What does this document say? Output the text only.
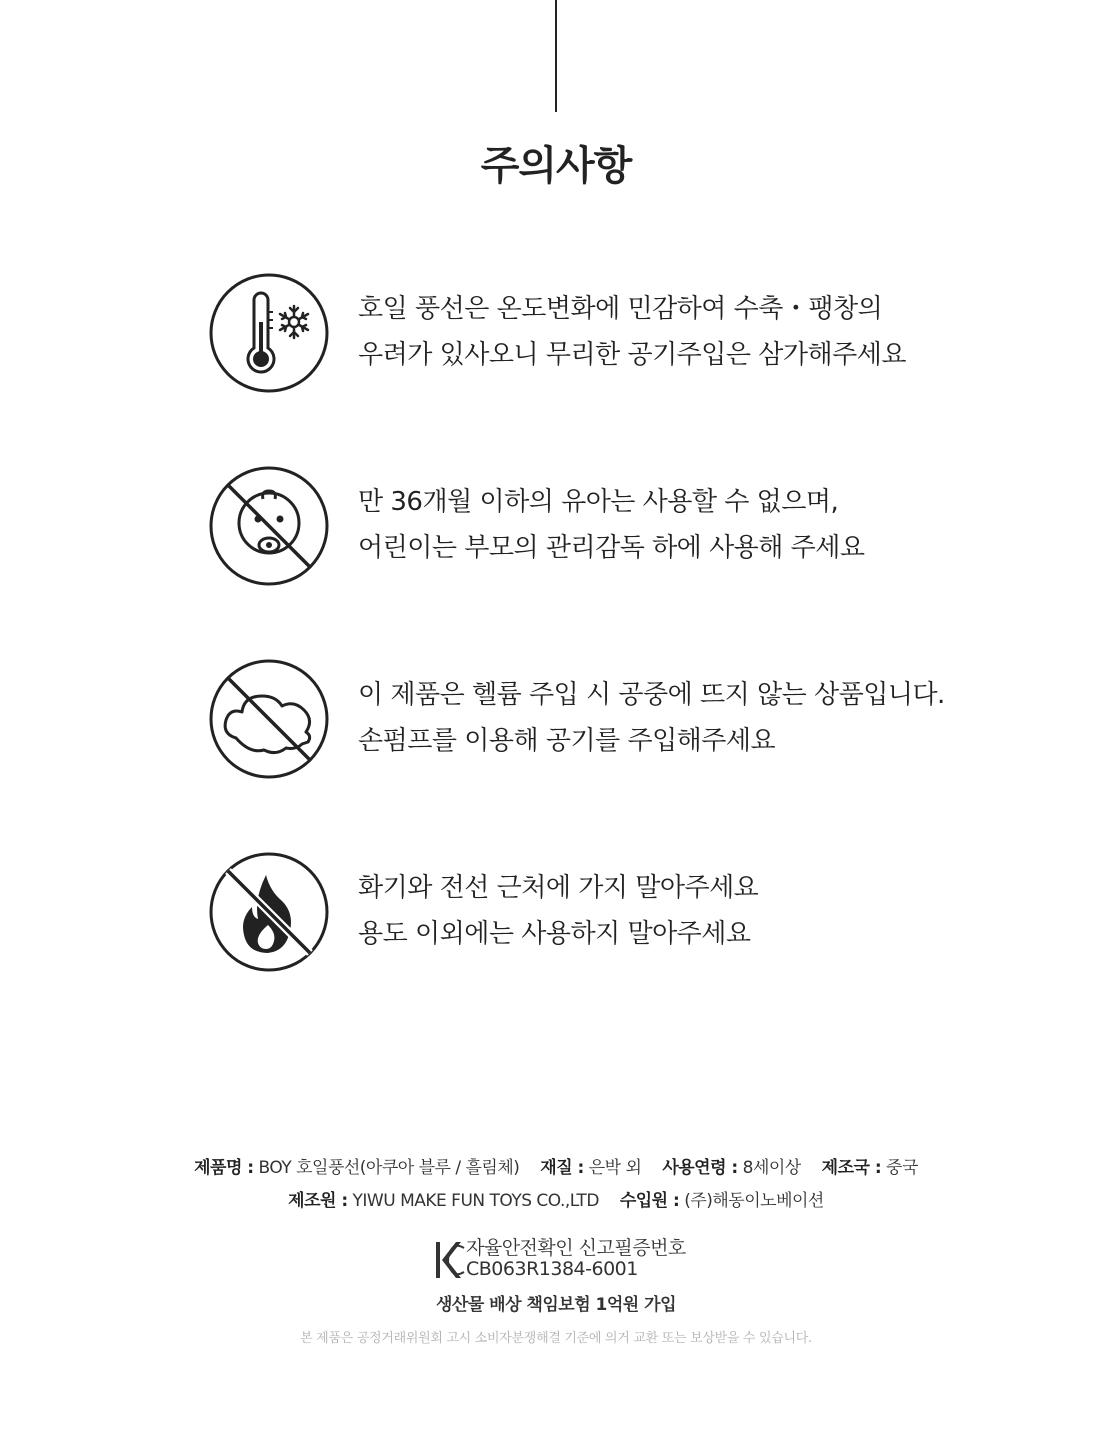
주의사항

호일 풍선은 온도변화에 민감하여 수축・팽창의

우려가 있사오니 무리한 공기주입은 삼가해주세요

만 36개월 이하의 유아는 사용할 수 없으며,

어린이는 부모의 관리감독 하에 사용해 주세요

이 제품은 헬륨 주입 시 공중에 뜨지 않는 상품입니다.

손펌프를 이용해 공기를 주입해주세요

화기와 전선 근처에 가지 말아주세요

용도 이외에는 사용하지 말아주세요

제품명 : BOY 호일풍선(아쿠아 블루 / 흘림체) 재질 : 은박 외 사용연령 : 8세이상 제조국 : 중국
제조원 : YIWU MAKE FUN TOYS CO.,LTD 수입원 : (주)해동이노베이션
자율안전확인 신고필증번호
CB063R1384-6001
생산물 배상 책임보험 1억원 가입
본 제품은 공정거래위원회 고시 소비자분쟁해결 기준에 의거 교환 또는 보상받을 수 있습니다.
